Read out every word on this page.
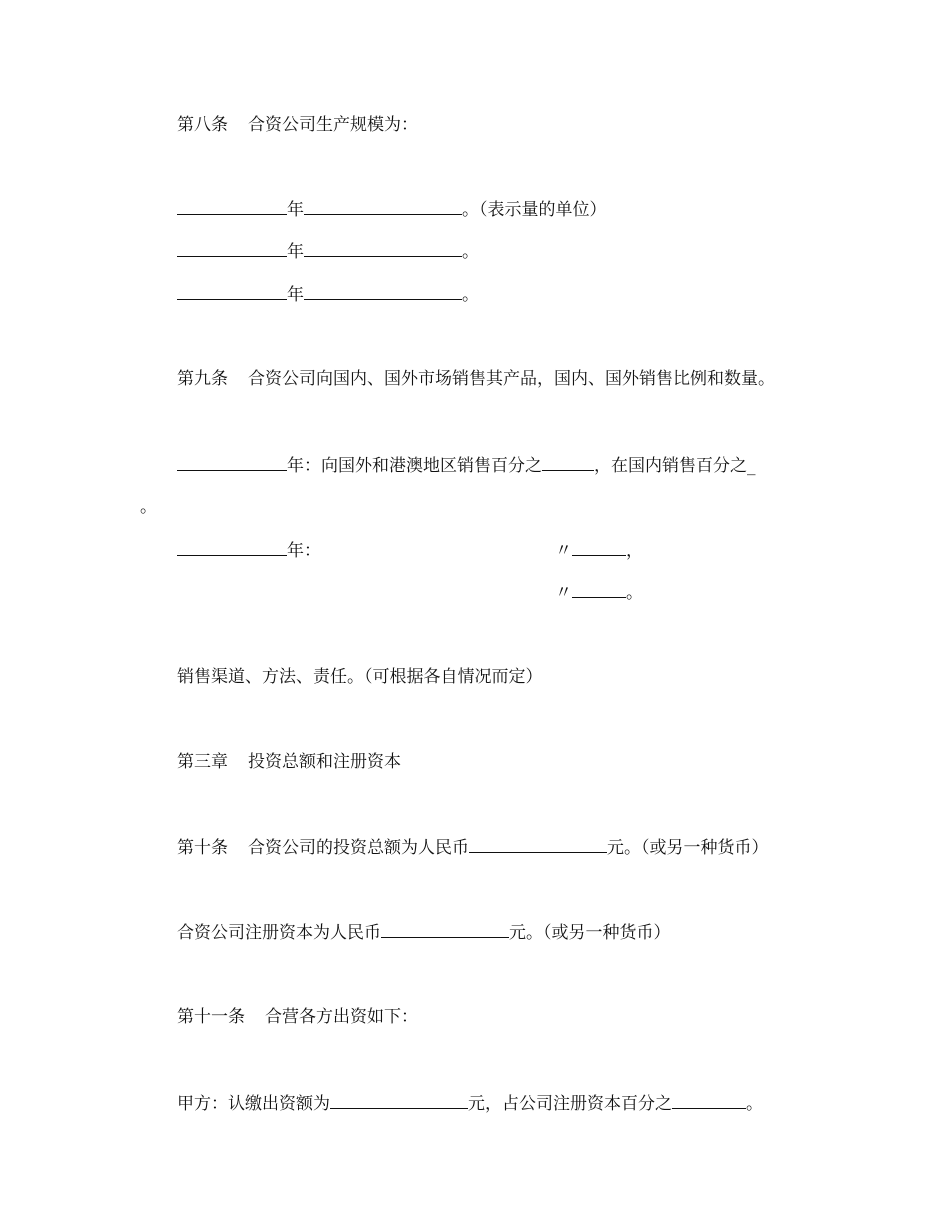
第八条 合资公司生产规模为：
年	。（表示量的单位）
年	。
年	。
第九条 合资公司向国内、国外市场销售其产品，国内、国外销售比例和数量。
年：向国外和港澳地区销售百分之	，在国内销售百分之_
。
年：	〃	，
〃	。
销售渠道、方法、责任。（可根据各自情况而定）
第三章 投资总额和注册资本
第十条 合资公司的投资总额为人民币	元。（或另一种货币）
合资公司注册资本为人民币	元。（或另一种货币）
第十一条 合营各方出资如下：
甲方：认缴出资额为	元，占公司注册资本百分之	。
